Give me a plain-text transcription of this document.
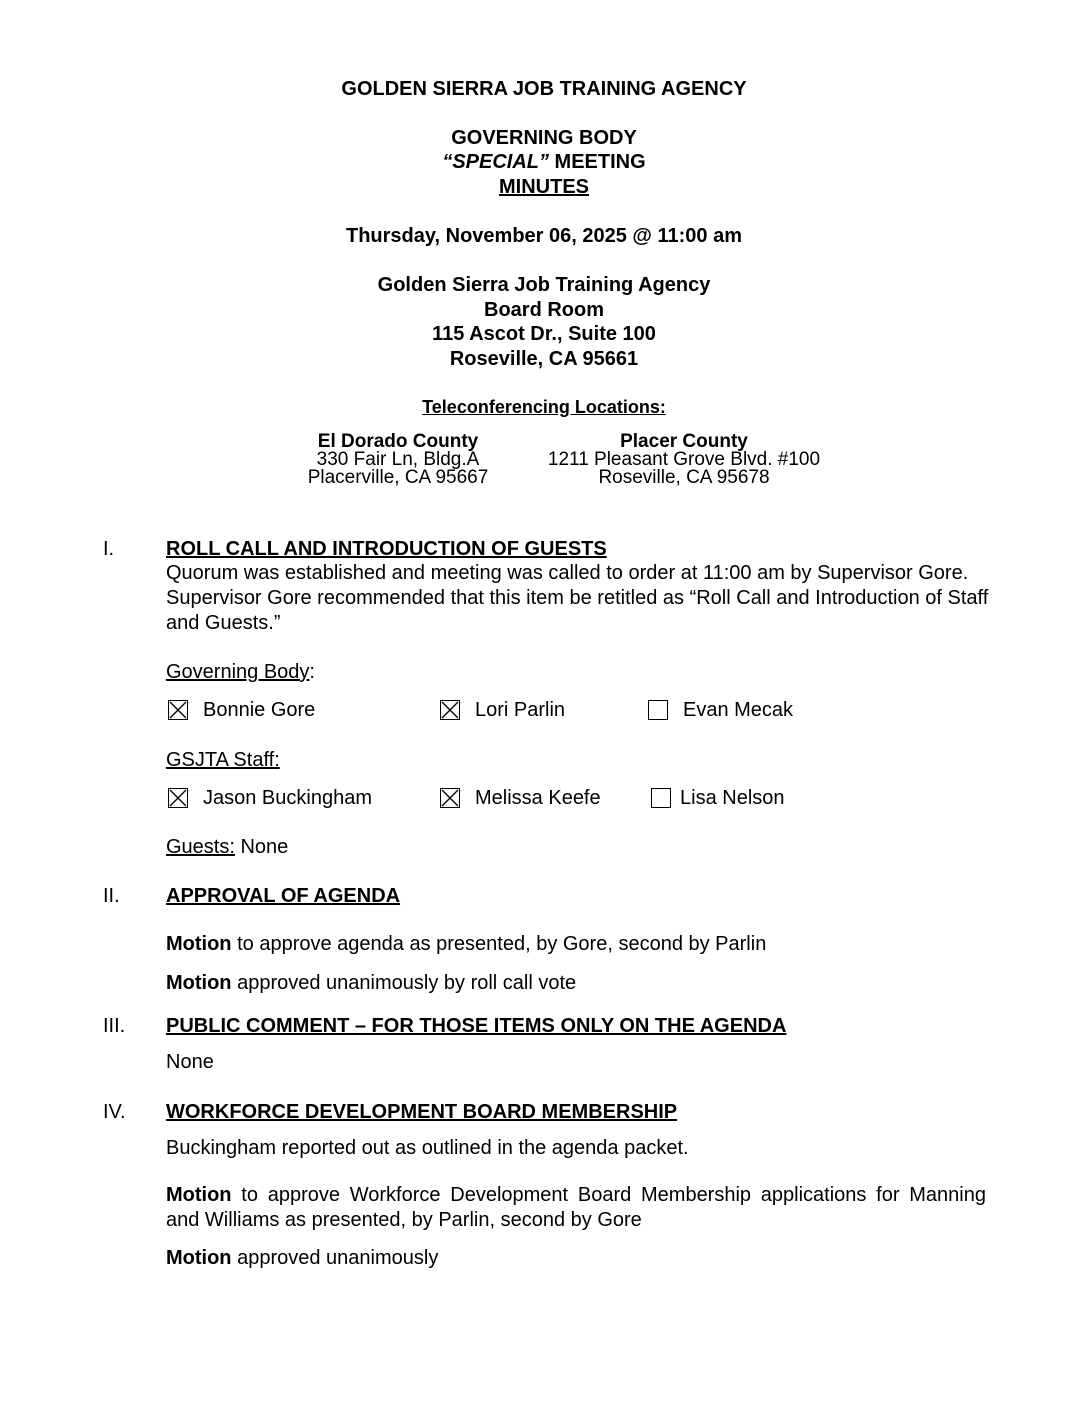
GOLDEN SIERRA JOB TRAINING AGENCY
GOVERNING BODY
“SPECIAL” MEETING
MINUTES
Thursday, November 06, 2025 @ 11:00 am
Golden Sierra Job Training Agency
Board Room
115 Ascot Dr., Suite 100
Roseville, CA 95661
Teleconferencing Locations:
El Dorado County
330 Fair Ln, Bldg.A
Placerville, CA 95667
Placer County
1211 Pleasant Grove Blvd. #100
Roseville, CA 95678
I.	ROLL CALL AND INTRODUCTION OF GUESTS
Quorum was established and meeting was called to order at 11:00 am by Supervisor Gore.
Supervisor Gore recommended that this item be retitled as “Roll Call and Introduction of Staff
and Guests.”
Governing Body:
Bonnie Gore	Lori Parlin	Evan Mecak
GSJTA Staff:
Jason Buckingham	Melissa Keefe	Lisa Nelson
Guests: None
II. APPROVAL OF AGENDA
Motion to approve agenda as presented, by Gore, second by Parlin
Motion approved unanimously by roll call vote
III. PUBLIC COMMENT – FOR THOSE ITEMS ONLY ON THE AGENDA
None
IV. WORKFORCE DEVELOPMENT BOARD MEMBERSHIP
Buckingham reported out as outlined in the agenda packet.
Motion to approve Workforce Development Board Membership applications for Manning and Williams as presented, by Parlin, second by Gore
Motion approved unanimously
